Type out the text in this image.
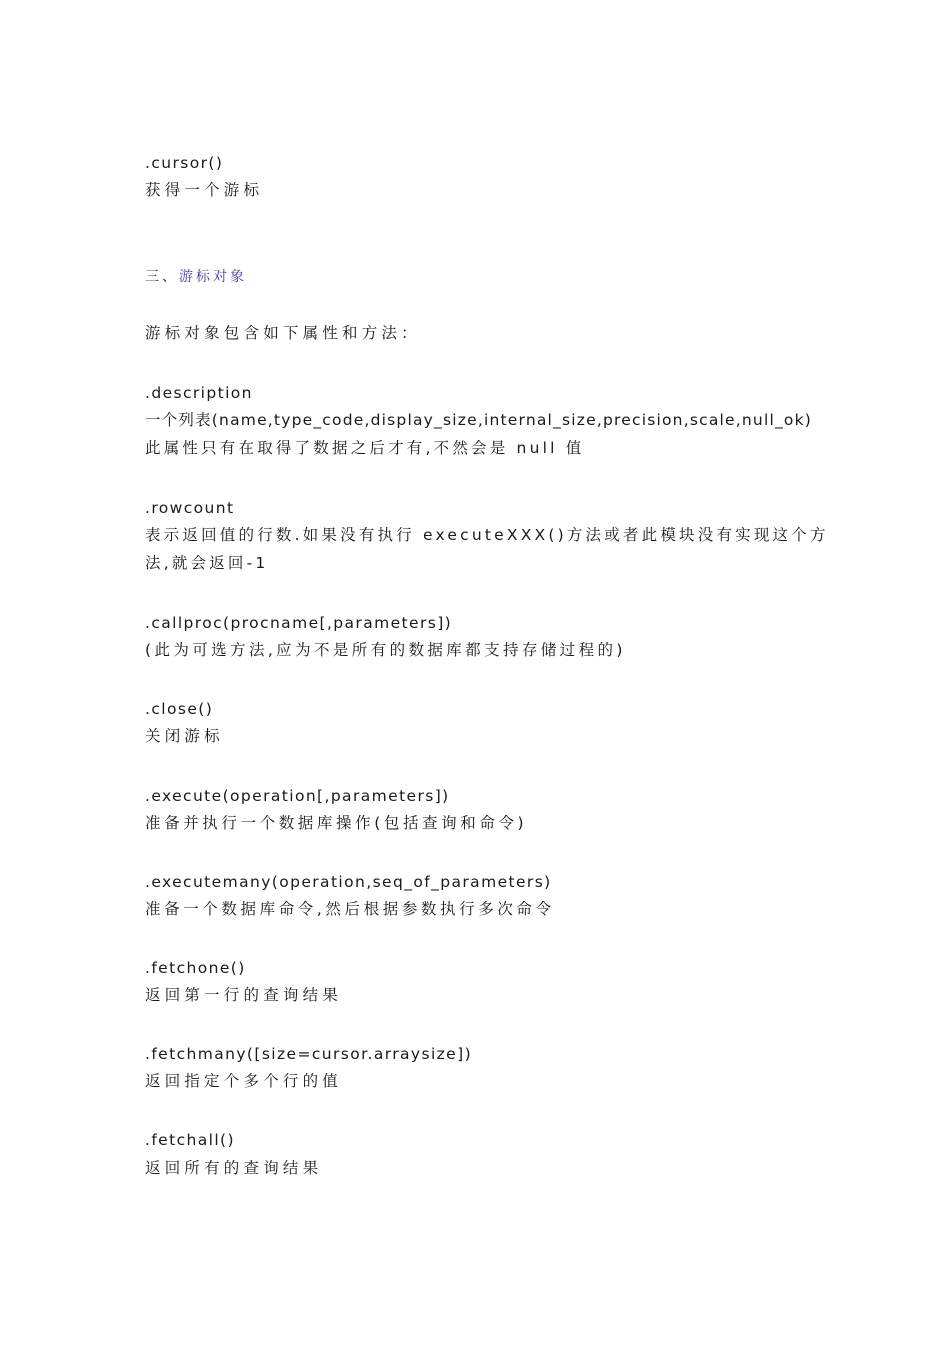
.cursor()
获得一个游标
三、游标对象
游标对象包含如下属性和方法：
.description
一个列表(name,type_code,display_size,internal_size,precision,scale,null_ok)
此属性只有在取得了数据之后才有,不然会是 null 值
.rowcount
表示返回值的行数.如果没有执行 executeXXX()方法或者此模块没有实现这个方
法,就会返回-1
.callproc(procname[,parameters])
(此为可选方法,应为不是所有的数据库都支持存储过程的)
.close()
关闭游标
.execute(operation[,parameters])
准备并执行一个数据库操作(包括查询和命令)
.executemany(operation,seq_of_parameters)
准备一个数据库命令,然后根据参数执行多次命令
.fetchone()
返回第一行的查询结果
.fetchmany([size=cursor.arraysize])
返回指定个多个行的值
.fetchall()
返回所有的查询结果
